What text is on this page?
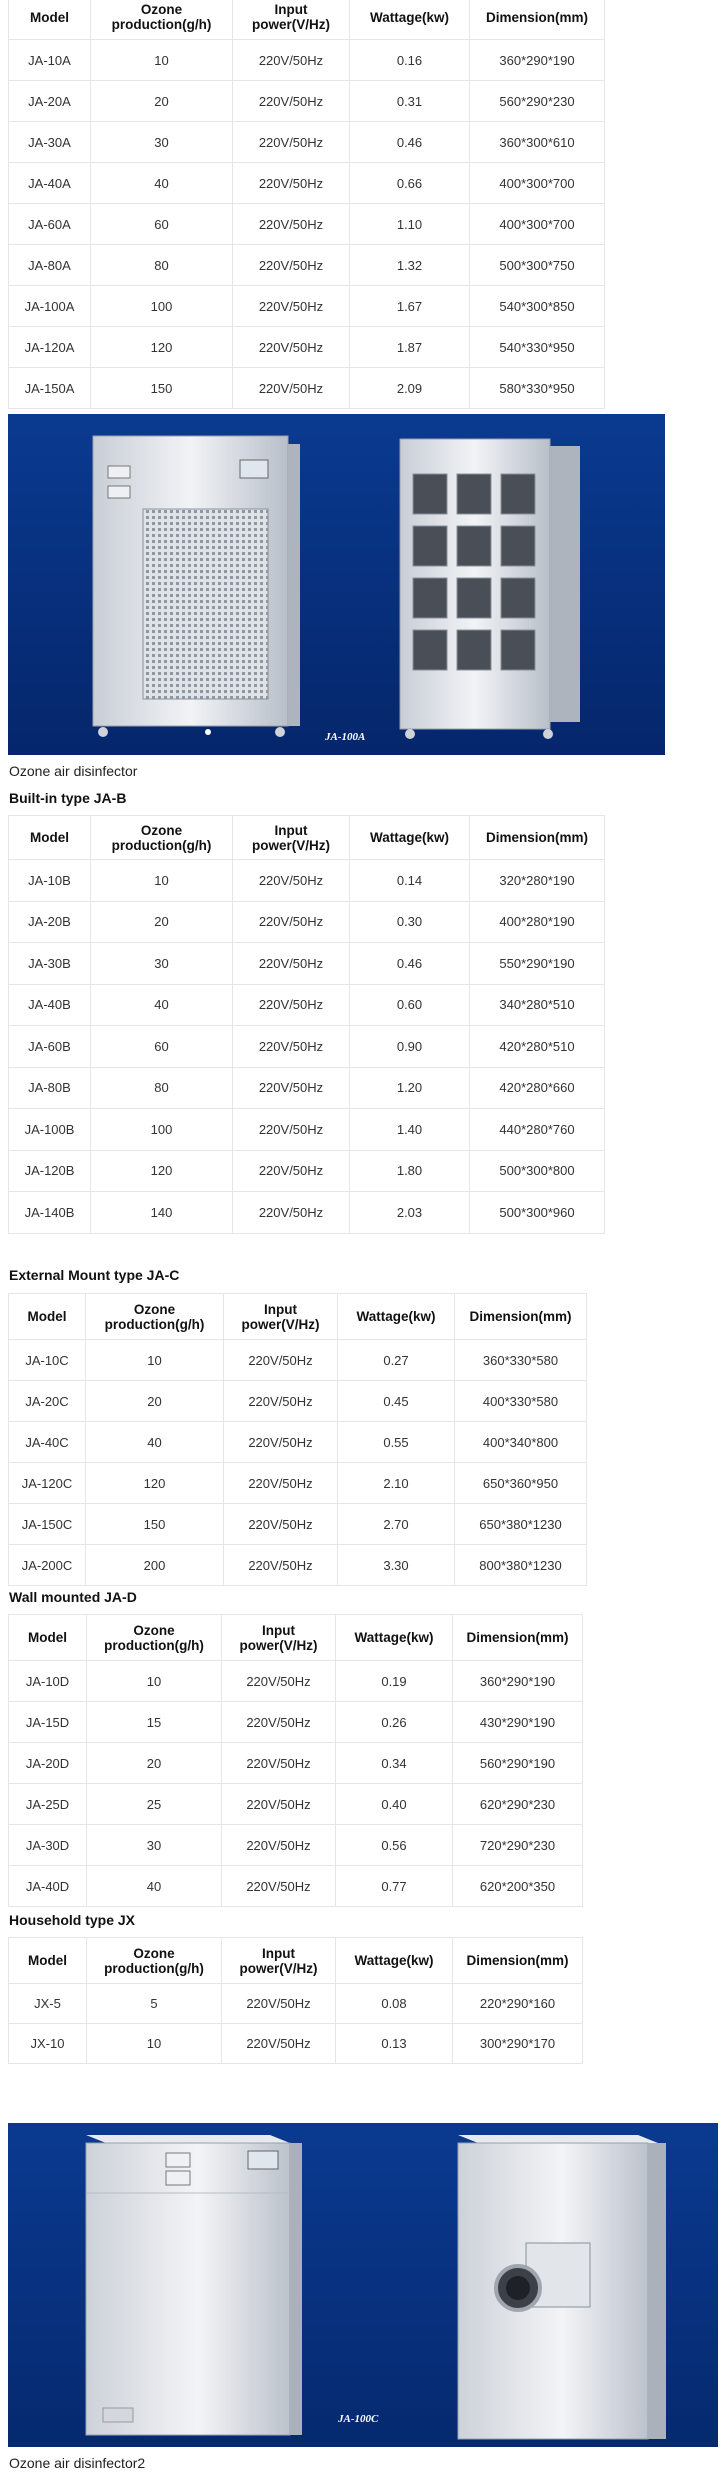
Model	Ozone production(g/h)	Input power(V/Hz)	Wattage(kw)	Dimension(mm)
JA-10A	10	220V/50Hz	0.16	360*290*190
JA-20A	20	220V/50Hz	0.31	560*290*230
JA-30A	30	220V/50Hz	0.46	360*300*610
JA-40A	40	220V/50Hz	0.66	400*300*700
JA-60A	60	220V/50Hz	1.10	400*300*700
JA-80A	80	220V/50Hz	1.32	500*300*750
JA-100A	100	220V/50Hz	1.67	540*300*850
JA-120A	120	220V/50Hz	1.87	540*330*950
JA-150A	150	220V/50Hz	2.09	580*330*950
JA-100A
Ozone air disinfector
Built-in type JA-B
Model	Ozone production(g/h)	Input power(V/Hz)	Wattage(kw)	Dimension(mm)
JA-10B	10	220V/50Hz	0.14	320*280*190
JA-20B	20	220V/50Hz	0.30	400*280*190
JA-30B	30	220V/50Hz	0.46	550*290*190
JA-40B	40	220V/50Hz	0.60	340*280*510
JA-60B	60	220V/50Hz	0.90	420*280*510
JA-80B	80	220V/50Hz	1.20	420*280*660
JA-100B	100	220V/50Hz	1.40	440*280*760
JA-120B	120	220V/50Hz	1.80	500*300*800
JA-140B	140	220V/50Hz	2.03	500*300*960
External Mount type JA-C
Model	Ozone production(g/h)	Input power(V/Hz)	Wattage(kw)	Dimension(mm)
JA-10C	10	220V/50Hz	0.27	360*330*580
JA-20C	20	220V/50Hz	0.45	400*330*580
JA-40C	40	220V/50Hz	0.55	400*340*800
JA-120C	120	220V/50Hz	2.10	650*360*950
JA-150C	150	220V/50Hz	2.70	650*380*1230
JA-200C	200	220V/50Hz	3.30	800*380*1230
Wall mounted JA-D
Model	Ozone production(g/h)	Input power(V/Hz)	Wattage(kw)	Dimension(mm)
JA-10D	10	220V/50Hz	0.19	360*290*190
JA-15D	15	220V/50Hz	0.26	430*290*190
JA-20D	20	220V/50Hz	0.34	560*290*190
JA-25D	25	220V/50Hz	0.40	620*290*230
JA-30D	30	220V/50Hz	0.56	720*290*230
JA-40D	40	220V/50Hz	0.77	620*200*350
Household type JX
Model	Ozone production(g/h)	Input power(V/Hz)	Wattage(kw)	Dimension(mm)
JX-5	5	220V/50Hz	0.08	220*290*160
JX-10	10	220V/50Hz	0.13	300*290*170
JA-100C
Ozone air disinfector2
